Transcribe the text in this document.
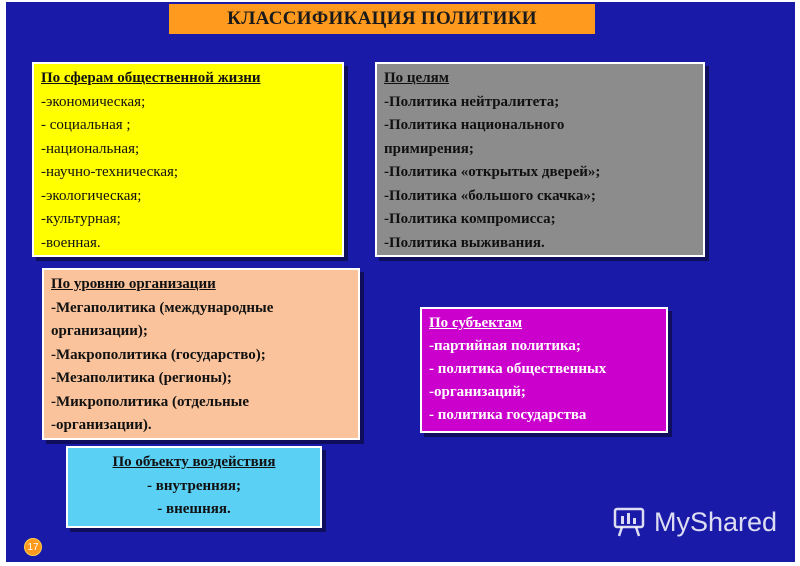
КЛАССИФИКАЦИЯ ПОЛИТИКИ
По сферам общественной жизни
-экономическая;
- социальная ;
-национальная;
-научно-техническая;
-экологическая;
-культурная;
-военная.
По целям
-Политика нейтралитета;
-Политика национального
примирения;
-Политика «открытых дверей»;
-Политика «большого скачка»;
-Политика компромисса;
-Политика выживания.
По уровню организации
-Мегаполитика (международные организации);
-Макрополитика (государство);
-Мезаполитика (регионы);
-Микрополитика (отдельные
-организации).
По субъектам
-партийная политика;
- политика общественных
-организаций;
- политика государства
По объекту воздействия
- внутренняя;
- внешняя.
17
MyShared
